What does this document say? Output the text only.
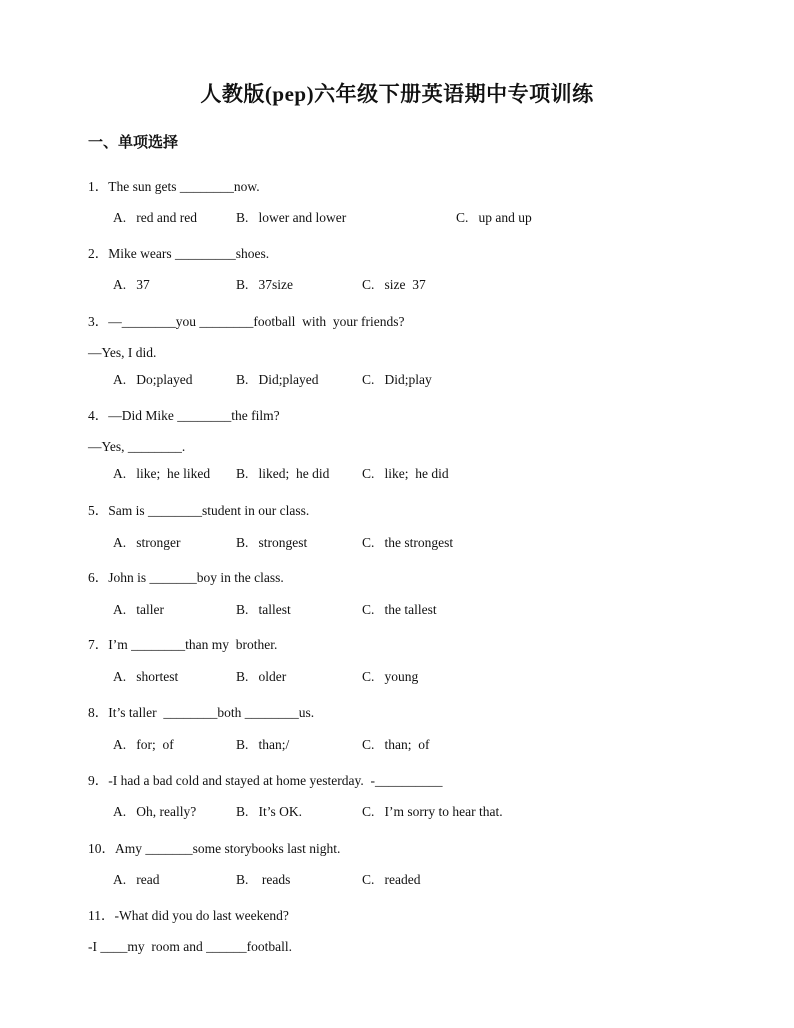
人教版(pep)六年级下册英语期中专项训练
一、单项选择
1．The sun gets ________now.
A.   red and red	B.   lower and lower	C.   up and up
2．Mike wears _________shoes.
A.   37	B.   37size	C.   size  37
3．—________you ________football  with  your friends?
—Yes, I did.
A.   Do;played	B.   Did;played	C.   Did;play
4．—Did Mike ________the film?
—Yes, ________.
A.   like;  he liked B.   liked;  he did C.   like;  he did
5．Sam is ________student in our class.
A.   stronger	B.   strongest	C.   the strongest
6．John is _______boy in the class.
A.   taller	B.   tallest	C.   the tallest
7．I’m ________than my  brother.
A.   shortest	B.   older	C.   young
8．It’s taller  ________both ________us.
A.   for;  of	B.   than;/	C.   than;  of
9．-I had a bad cold and stayed at home yesterday.  -__________
A.   Oh, really?	B.   It’s OK.	C.   I’m sorry to hear that.
10．Amy _______some storybooks last night.
A.   read	B.    reads	C.   readed
11．-What did you do last weekend?
-I ____my  room and ______football.
